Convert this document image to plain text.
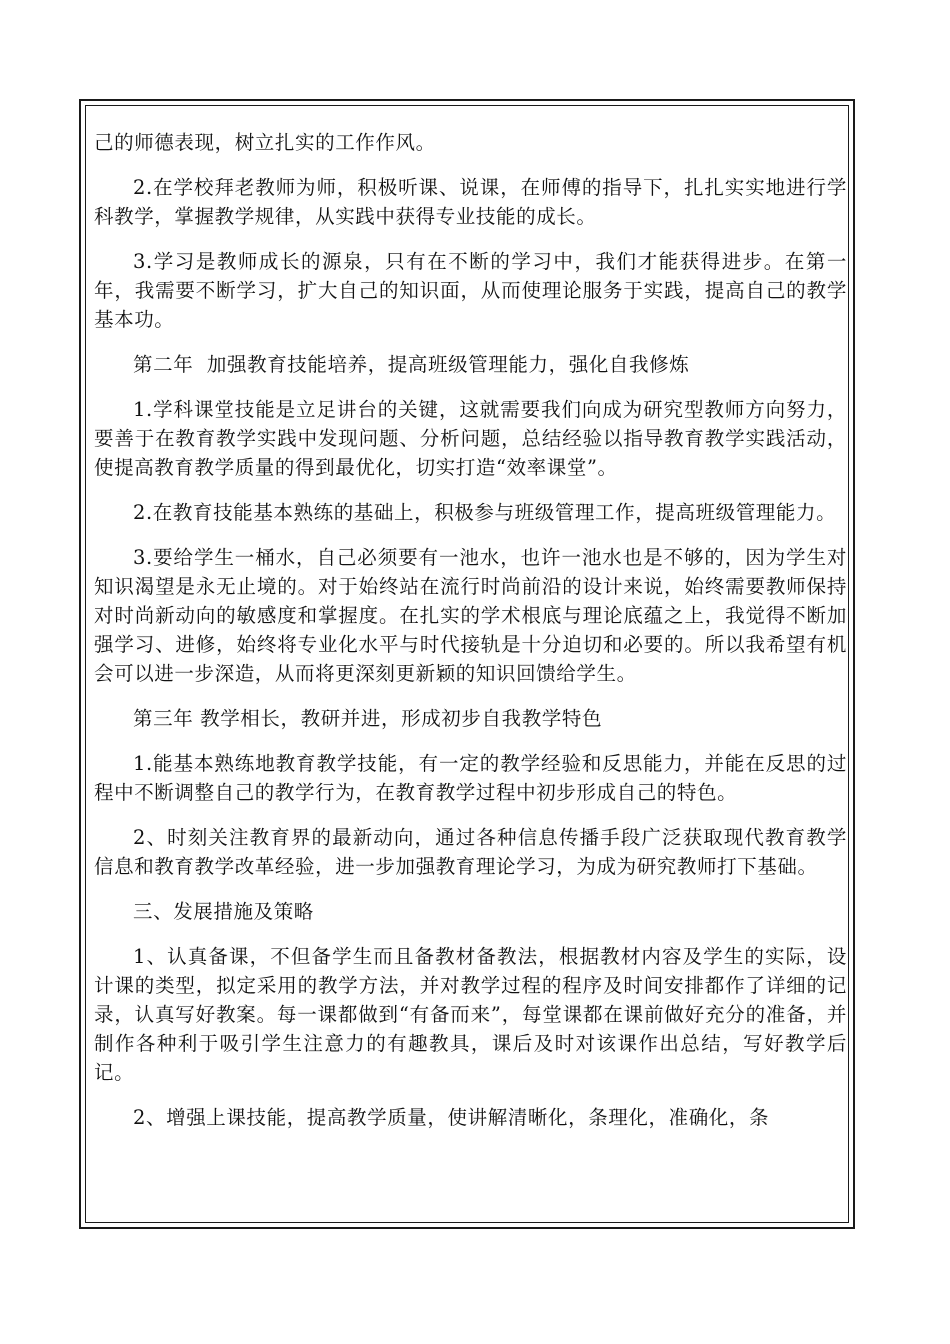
己的师德表现，树立扎实的工作作风。

2.在学校拜老教师为师，积极听课、说课，在师傅的指导下，扎扎实实地进行学科教学，掌握教学规律，从实践中获得专业技能的成长。

3.学习是教师成长的源泉，只有在不断的学习中，我们才能获得进步。在第一年，我需要不断学习，扩大自己的知识面，从而使理论服务于实践，提高自己的教学基本功。

第二年  加强教育技能培养，提高班级管理能力，强化自我修炼

1.学科课堂技能是立足讲台的关键，这就需要我们向成为研究型教师方向努力，要善于在教育教学实践中发现问题、分析问题，总结经验以指导教育教学实践活动，使提高教育教学质量的得到最优化，切实打造“效率课堂”。

2.在教育技能基本熟练的基础上，积极参与班级管理工作，提高班级管理能力。

3.要给学生一桶水，自己必须要有一池水，也许一池水也是不够的，因为学生对知识渴望是永无止境的。对于始终站在流行时尚前沿的设计来说，始终需要教师保持对时尚新动向的敏感度和掌握度。在扎实的学术根底与理论底蕴之上，我觉得不断加强学习、进修，始终将专业化水平与时代接轨是十分迫切和必要的。所以我希望有机会可以进一步深造，从而将更深刻更新颖的知识回馈给学生。

第三年 教学相长，教研并进，形成初步自我教学特色

1.能基本熟练地教育教学技能，有一定的教学经验和反思能力，并能在反思的过程中不断调整自己的教学行为，在教育教学过程中初步形成自己的特色。

2、时刻关注教育界的最新动向，通过各种信息传播手段广泛获取现代教育教学信息和教育教学改革经验，进一步加强教育理论学习，为成为研究教师打下基础。

三、发展措施及策略

1、认真备课，不但备学生而且备教材备教法，根据教材内容及学生的实际，设计课的类型，拟定采用的教学方法，并对教学过程的程序及时间安排都作了详细的记录，认真写好教案。每一课都做到“有备而来”，每堂课都在课前做好充分的准备，并制作各种利于吸引学生注意力的有趣教具，课后及时对该课作出总结，写好教学后记。

2、增强上课技能，提高教学质量，使讲解清晰化，条理化，准确化，条
